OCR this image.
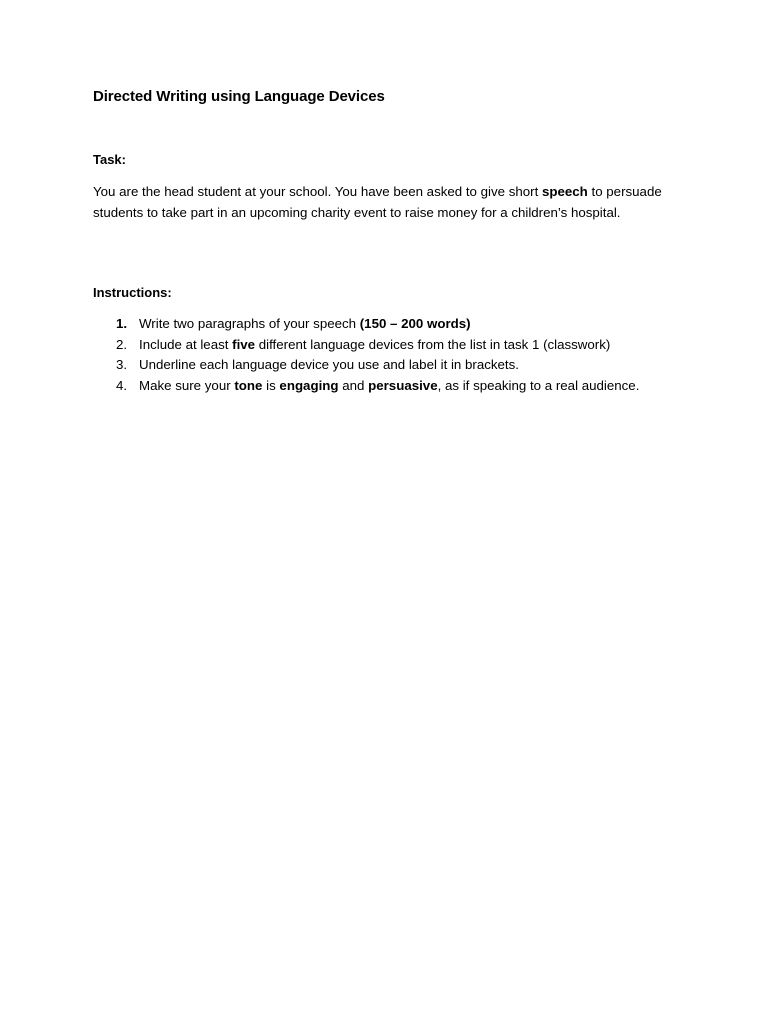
Directed Writing using Language Devices
Task:
You are the head student at your school. You have been asked to give short speech to persuade students to take part in an upcoming charity event to raise money for a children’s hospital.
Instructions:
1. Write two paragraphs of your speech (150 – 200 words)
2. Include at least five different language devices from the list in task 1 (classwork)
3. Underline each language device you use and label it in brackets.
4. Make sure your tone is engaging and persuasive, as if speaking to a real audience.
